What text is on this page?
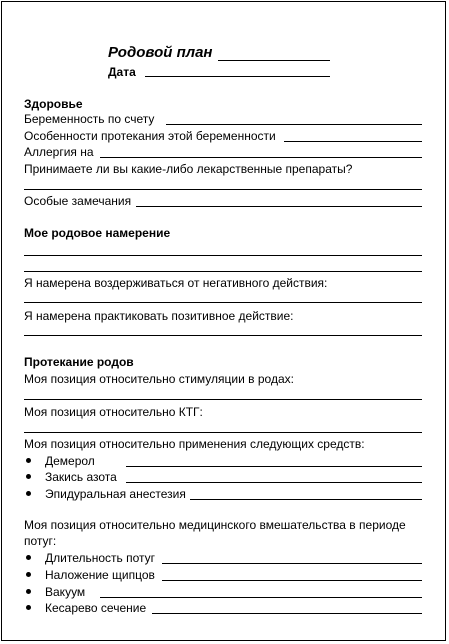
Родовой план
Дата
Здоровье
Беременность по счету
Особенности протекания этой беременности
Аллергия на
Принимаете ли вы какие-либо лекарственные препараты?
Особые замечания
Мое родовое намерение
Я намерена воздерживаться от негативного действия:
Я намерена практиковать позитивное действие:
Протекание родов
Моя позиция относительно стимуляции в родах:
Моя позиция относительно КТГ:
Моя позиция относительно применения следующих средств:
Демерол
Закись азота
Эпидуральная анестезия
Моя позиция относительно медицинского вмешательства в периоде
потуг:
Длительность потуг
Наложение щипцов
Вакуум
Кесарево сечение
